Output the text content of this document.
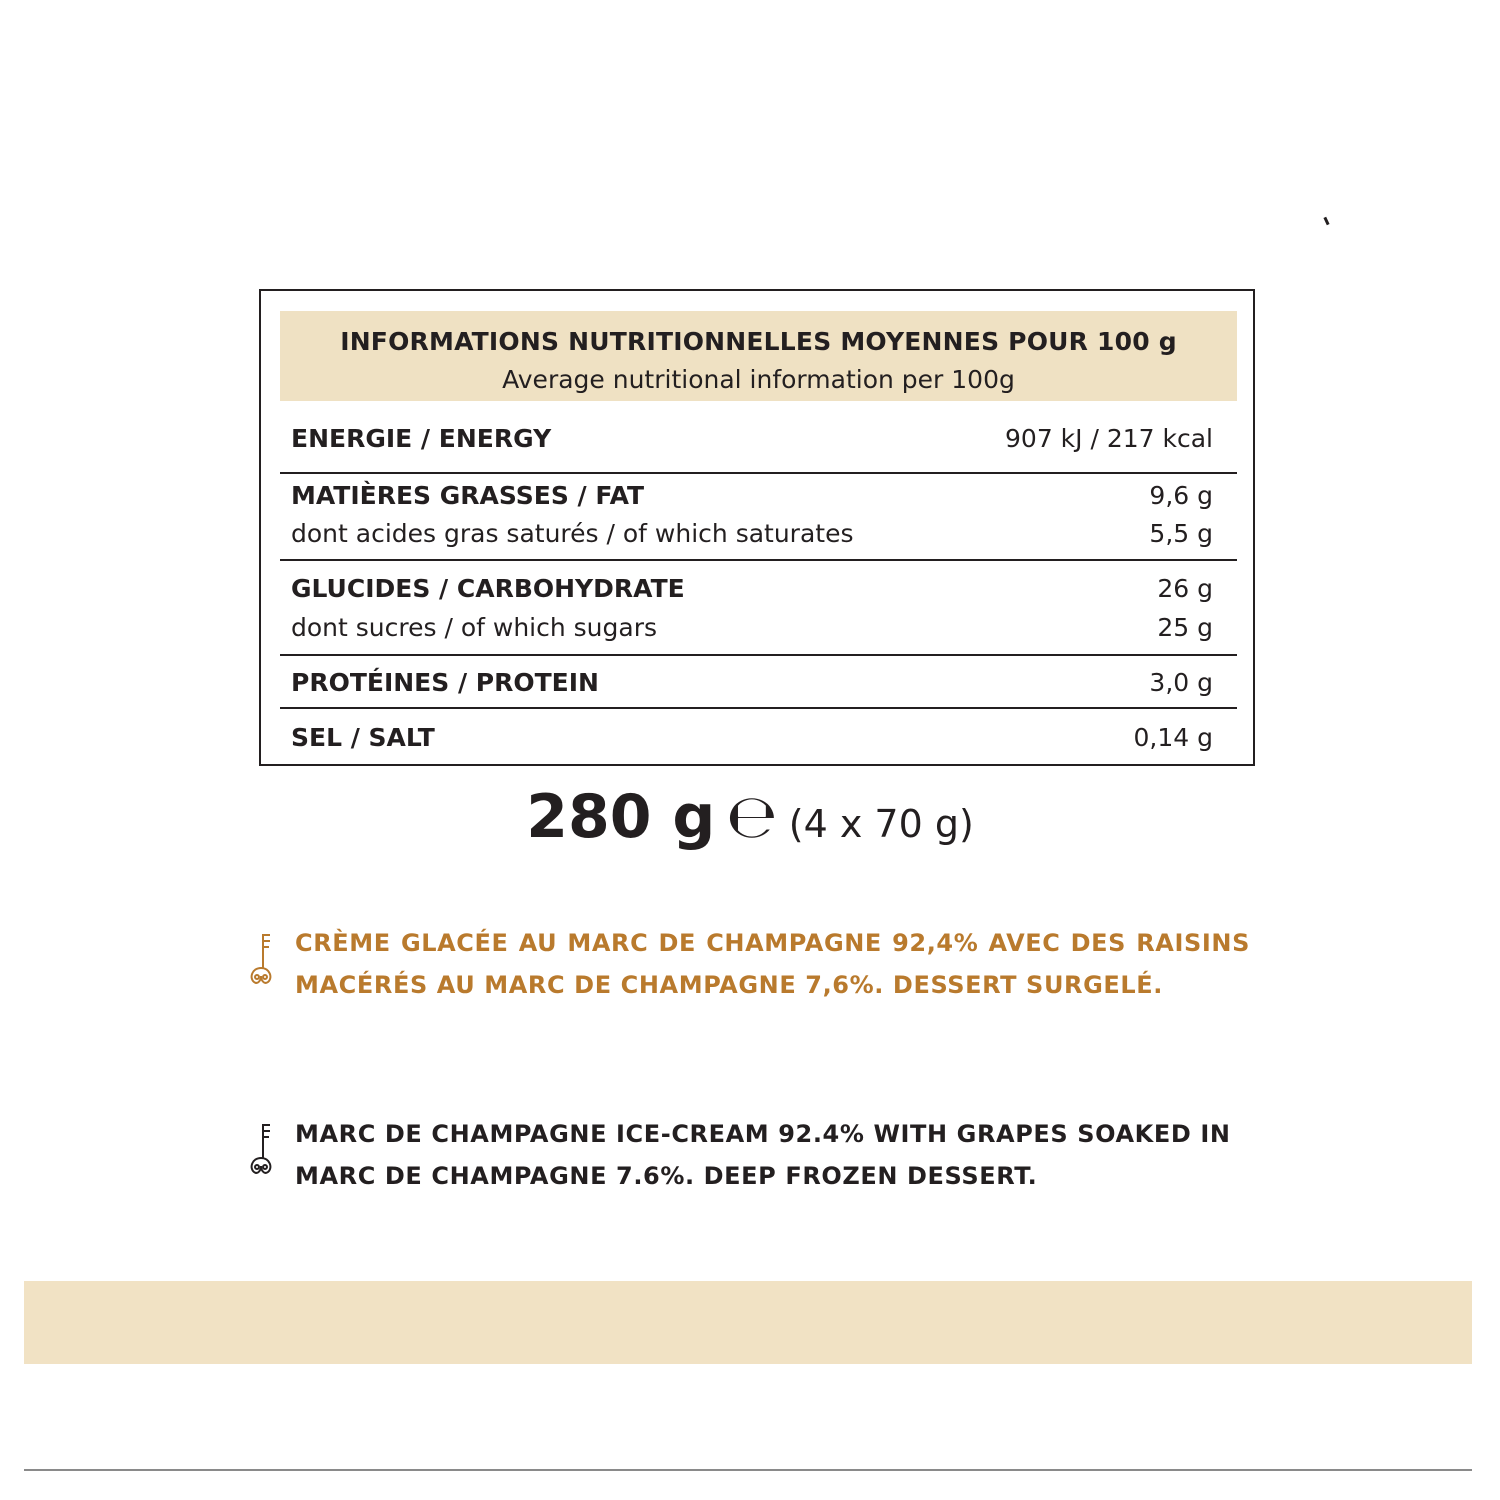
INFORMATIONS NUTRITIONNELLES MOYENNES POUR 100 g
Average nutritional information per 100g
ENERGIE / ENERGY	907 kJ / 217 kcal
MATIÈRES GRASSES / FAT	9,6 g
dont acides gras saturés / of which saturates	5,5 g
GLUCIDES / CARBOHYDRATE	26 g
dont sucres / of which sugars	25 g
PROTÉINES / PROTEIN	3,0 g
SEL / SALT	0,14 g
280 g ℮ (4 x 70 g)
CRÈME GLACÉE AU MARC DE CHAMPAGNE 92,4% AVEC DES RAISINS MACÉRÉS AU MARC DE CHAMPAGNE 7,6%. DESSERT SURGELÉ.
MARC DE CHAMPAGNE ICE-CREAM 92.4% WITH GRAPES SOAKED IN MARC DE CHAMPAGNE 7.6%. DEEP FROZEN DESSERT.
